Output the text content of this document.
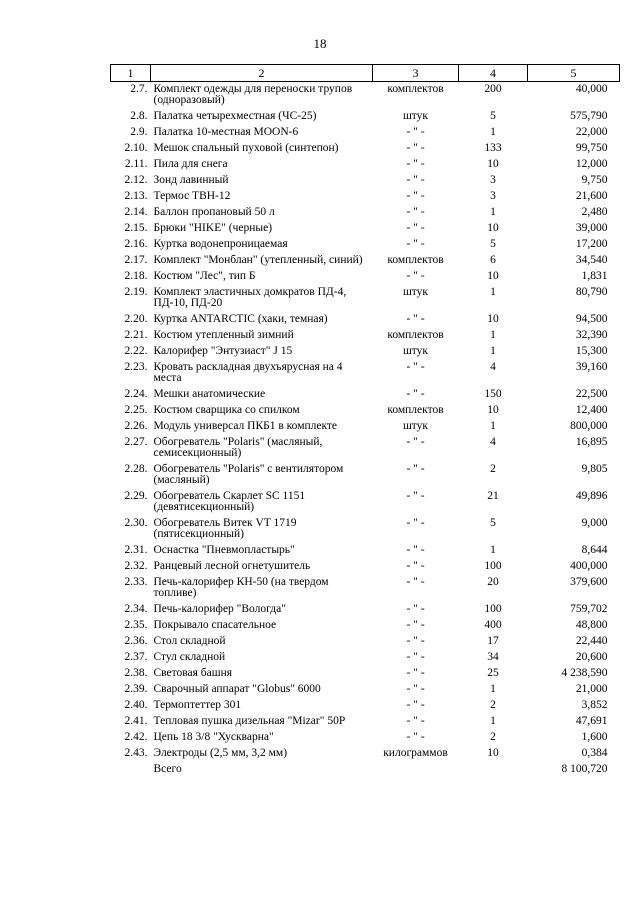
18
1	2	3	4	5
2.7.	Комплект одежды для переноски трупов (одноразовый)	комплектов	200	40,000
2.8.	Палатка четырехместная (ЧС-25)	штук	5	575,790
2.9.	Палатка 10-местная MOON-6	- " -	1	22,000
2.10.	Мешок спальный пуховой (синтепон)	- " -	133	99,750
2.11.	Пила для снега	- " -	10	12,000
2.12.	Зонд лавинный	- " -	3	9,750
2.13.	Термос ТВН-12	- " -	3	21,600
2.14.	Баллон пропановый 50 л	- " -	1	2,480
2.15.	Брюки "HIKE" (черные)	- " -	10	39,000
2.16.	Куртка водонепроницаемая	- " -	5	17,200
2.17.	Комплект "Монблан" (утепленный, синий)	комплектов	6	34,540
2.18.	Костюм "Лес", тип Б	- " -	10	1,831
2.19.	Комплект эластичных домкратов ПД-4, ПД-10, ПД-20	штук	1	80,790
2.20.	Куртка ANTARCTIC (хаки, темная)	- " -	10	94,500
2.21.	Костюм утепленный зимний	комплектов	1	32,390
2.22.	Калорифер "Энтузиаст" J 15	штук	1	15,300
2.23.	Кровать раскладная двухъярусная на 4 места	- " -	4	39,160
2.24.	Мешки анатомические	- " -	150	22,500
2.25.	Костюм сварщика со спилком	комплектов	10	12,400
2.26.	Модуль универсал ПКБ1 в комплекте	штук	1	800,000
2.27.	Обогреватель "Polaris" (масляный, семисекционный)	- " -	4	16,895
2.28.	Обогреватель "Polaris" с вентилятором (масляный)	- " -	2	9,805
2.29.	Обогреватель Скарлет SC 1151 (девятисекционный)	- " -	21	49,896
2.30.	Обогреватель Витек VT 1719 (пятисекционный)	- " -	5	9,000
2.31.	Оснастка "Пневмопластырь"	- " -	1	8,644
2.32.	Ранцевый лесной огнетушитель	- " -	100	400,000
2.33.	Печь-калорифер КН-50 (на твердом топливе)	- " -	20	379,600
2.34.	Печь-калорифер "Вологда"	- " -	100	759,702
2.35.	Покрывало спасательное	- " -	400	48,800
2.36.	Стол складной	- " -	17	22,440
2.37.	Стул складной	- " -	34	20,600
2.38.	Световая башня	- " -	25	4 238,590
2.39.	Сварочный аппарат "Globus" 6000	- " -	1	21,000
2.40.	Термоптеттер 301	- " -	2	3,852
2.41.	Тепловая пушка дизельная "Mizar" 50P	- " -	1	47,691
2.42.	Цепь 18 3/8 "Хускварна"	- " -	2	1,600
2.43.	Электроды (2,5 мм, 3,2 мм)	килограммов	10	0,384
	Всего			8 100,720
